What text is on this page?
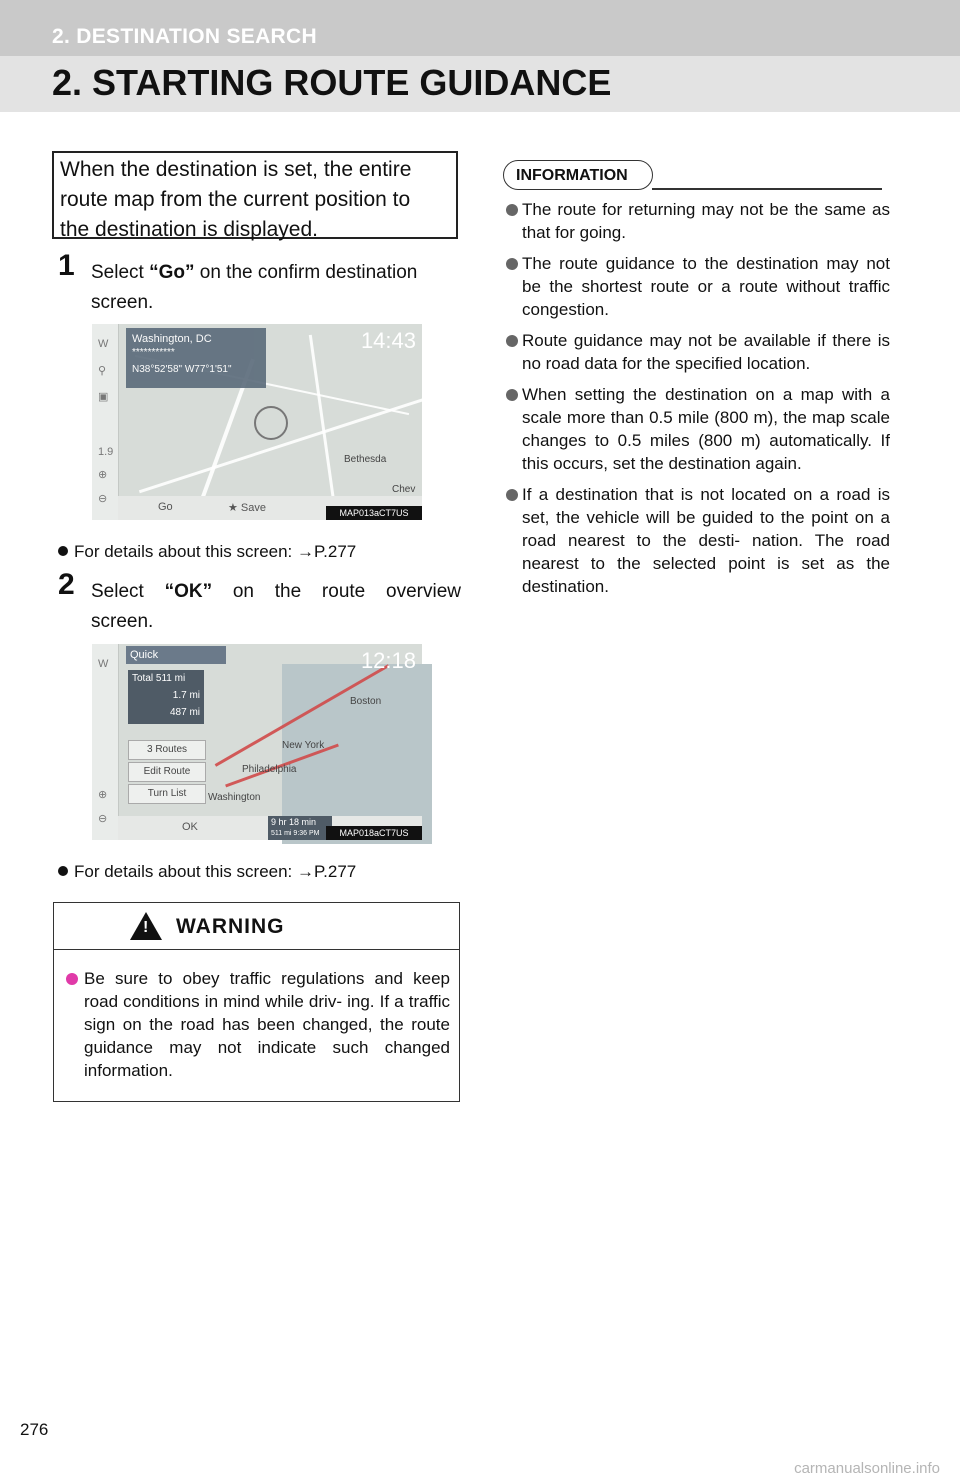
2. DESTINATION SEARCH
2. STARTING ROUTE GUIDANCE
When the destination is set, the entire
route map from the current position to
the destination is displayed.
1 Select “Go” on the confirm destination
screen.
W
⚲
▣
1.9
⊕
⊖
Washington, DC
***********
N38°52'58" W77°1'51"
14:43
Bethesda
Chev
Go	★ Save	MAP013aCT7US
For details about this screen: →P.277
2 Select “OK” on the route overview
screen.
W
⊕
⊖
Quick	12:18
Total 511 mi
1.7 mi
487 mi
3 Routes
Edit Route
Turn List
Boston
New York
Philadelphia
Washington
OK	9 hr 18 min
511 mi 9:36 PM ET
MAP018aCT7US
For details about this screen: →P.277
! WARNING
Be sure to obey traffic regulations and keep road conditions in mind while driv- ing. If a traffic sign on the road has been changed, the route guidance may not indicate such changed information.
INFORMATION
The route for returning may not be the same as that for going.
The route guidance to the destination may not be the shortest route or a route without traffic congestion.
Route guidance may not be available if there is no road data for the specified location.
When setting the destination on a map with a scale more than 0.5 mile (800 m), the map scale changes to 0.5 miles (800 m) automatically. If this occurs, set the destination again.
If a destination that is not located on a road is set, the vehicle will be guided to the point on a road nearest to the desti- nation. The road nearest to the selected point is set as the destination.
276
carmanualsonline.info
